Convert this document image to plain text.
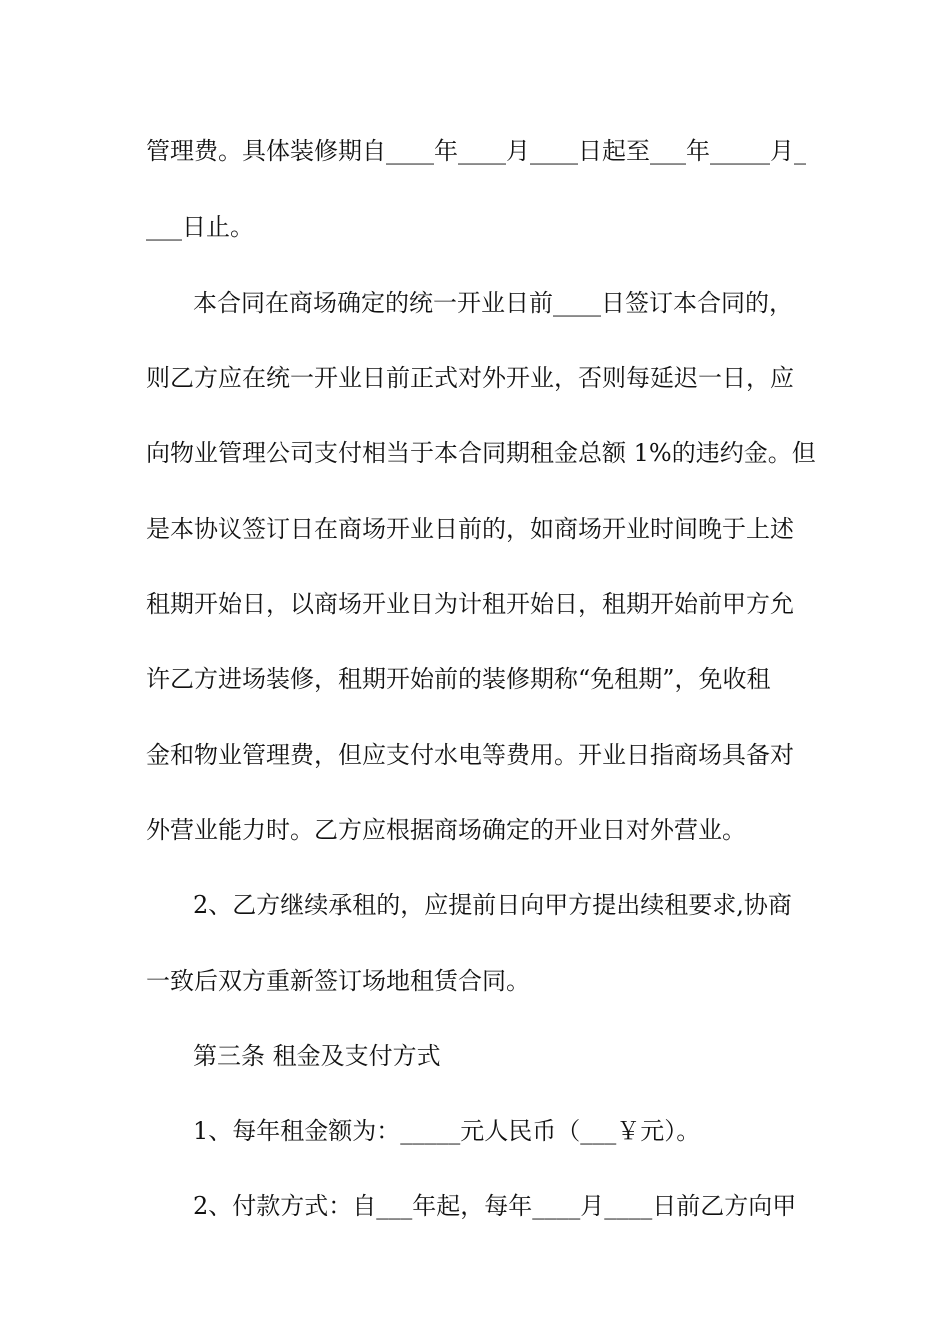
管理费。具体装修期自____年____月____日起至___年_____月_
___日止。
本合同在商场确定的统一开业日前____日签订本合同的，
则乙方应在统一开业日前正式对外开业，否则每延迟一日，应
向物业管理公司支付相当于本合同期租金总额 1%的违约金。但
是本协议签订日在商场开业日前的，如商场开业时间晚于上述
租期开始日，以商场开业日为计租开始日，租期开始前甲方允
许乙方进场装修，租期开始前的装修期称“免租期”，免收租
金和物业管理费，但应支付水电等费用。开业日指商场具备对
外营业能力时。乙方应根据商场确定的开业日对外营业。
2、乙方继续承租的，应提前日向甲方提出续租要求,协商
一致后双方重新签订场地租赁合同。
第三条 租金及支付方式
1、每年租金额为：_____元人民币（___￥元）。
2、付款方式：自___年起，每年____月____日前乙方向甲
